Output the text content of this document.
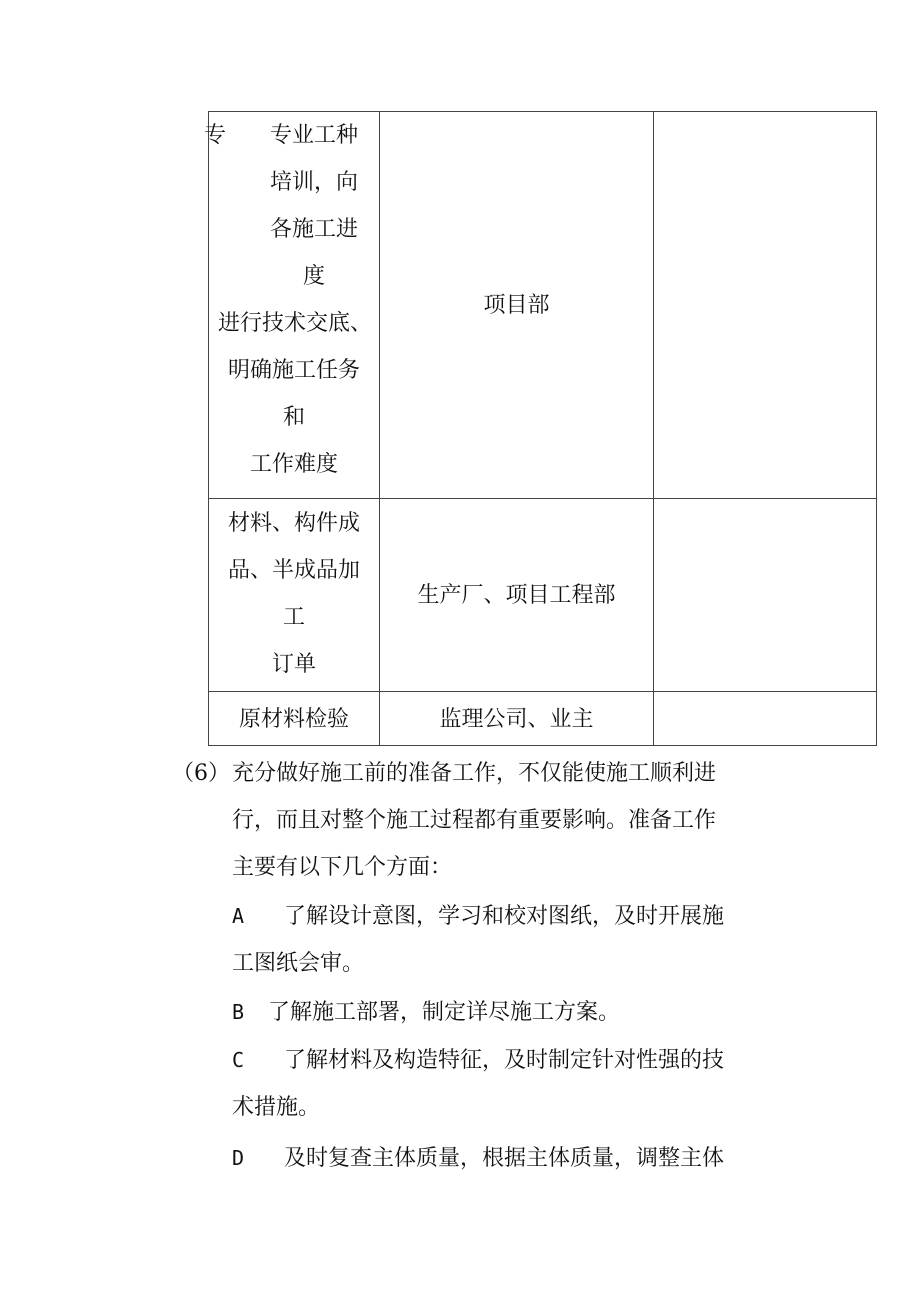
专	专业工种
培训，向
各施工进
度
进行技术交底、
明确施工任务
和
工作难度
项目部
材料、构件成
品、半成品加
工
订单
生产厂、项目工程部
原材料检验	监理公司、业主
（6） 充分做好施工前的准备工作，不仅能使施工顺利进
行，而且对整个施工过程都有重要影响。准备工作
主要有以下几个方面：
A 了解设计意图，学习和校对图纸，及时开展施
工图纸会审。
B 了解施工部署，制定详尽施工方案。
C 了解材料及构造特征，及时制定针对性强的技
术措施。
D 及时复查主体质量，根据主体质量，调整主体
